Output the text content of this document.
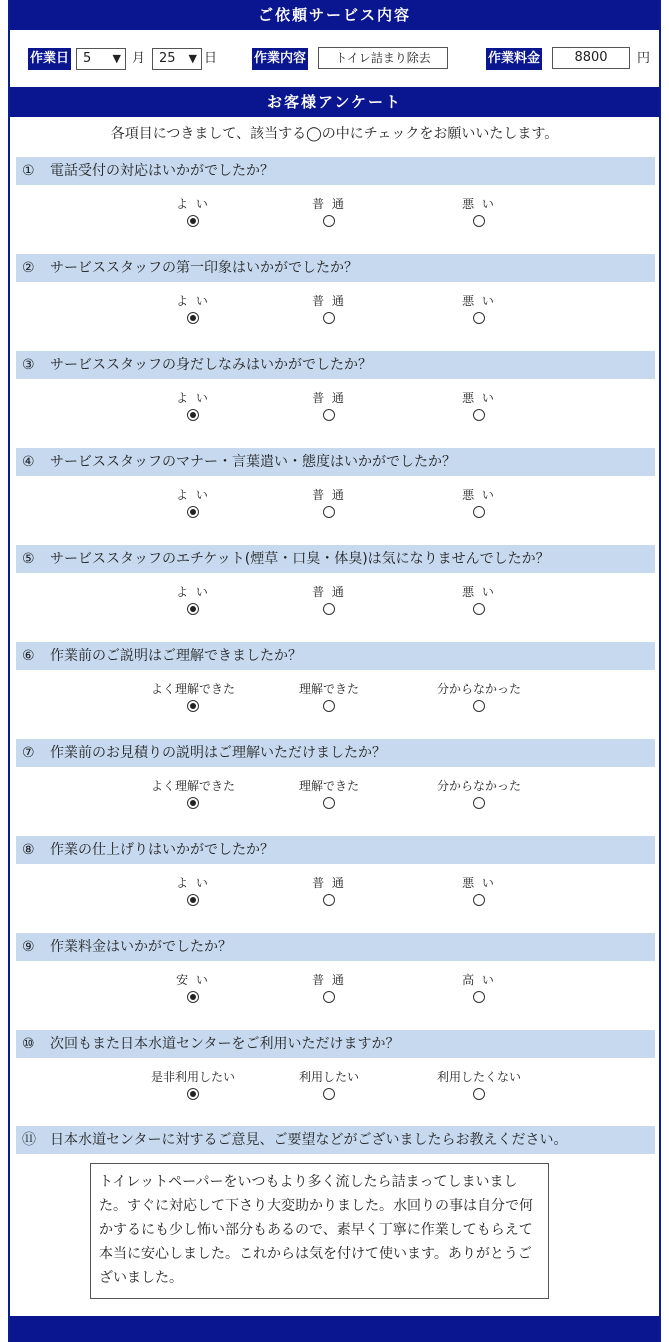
ご依頼サービス内容
作業日	5 ▼ 月	25 ▼ 日	作業内容	トイレ詰まり除去	作業料金	8800	円
お客様アンケート
各項目につきまして、該当する◯の中にチェックをお願いいたします。
① 電話受付の対応はいかがでしたか？
よ い	普 通	悪 い
② サービススタッフの第一印象はいかがでしたか？
よ い	普 通	悪 い
③ サービススタッフの身だしなみはいかがでしたか？
よ い	普 通	悪 い
④ サービススタッフのマナー・言葉遣い・態度はいかがでしたか？
よ い	普 通	悪 い
⑤ サービススタッフのエチケット(煙草・口臭・体臭)は気になりませんでしたか？
よ い	普 通	悪 い
⑥ 作業前のご説明はご理解できましたか？
よく理解できた	理解できた	分からなかった
⑦ 作業前のお見積りの説明はご理解いただけましたか？
よく理解できた	理解できた	分からなかった
⑧ 作業の仕上げりはいかがでしたか？
よ い	普 通	悪 い
⑨ 作業料金はいかがでしたか？
安 い	普 通	高 い
⑩ 次回もまた日本水道センターをご利用いただけますか？
是非利用したい	利用したい	利用したくない
⑪ 日本水道センターに対するご意見、ご要望などがございましたらお教えください。
トイレットペーパーをいつもより多く流したら詰まってしまいました。すぐに対応して下さり大変助かりました。水回りの事は自分で何かするにも少し怖い部分もあるので、素早く丁寧に作業してもらえて本当に安心しました。これからは気を付けて使います。ありがとうございました。
